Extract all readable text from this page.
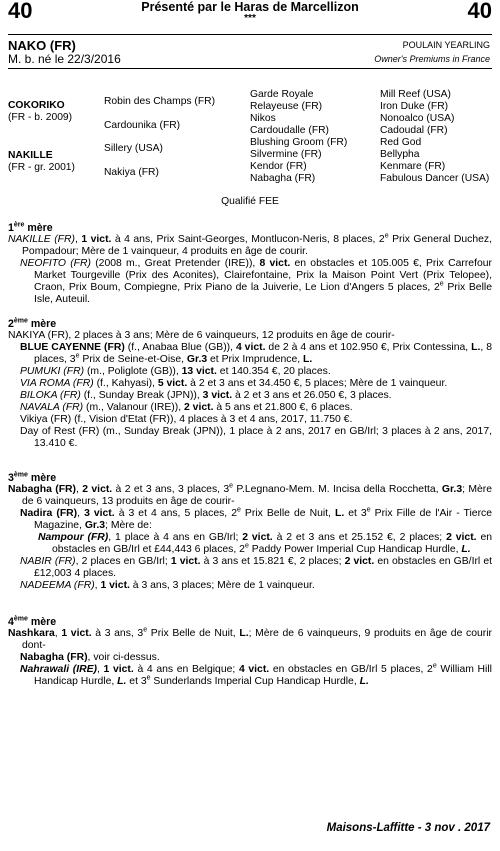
40	Présenté par le Haras de Marcellizon
***	40
NAKO (FR)
M. b. né le 22/3/2016
POULAIN YEARLING
Owner's Premiums in France
COKORIKO
(FR - b. 2009)
NAKILLE
(FR - gr. 2001)
Robin des Champs (FR)
Cardounika (FR)
Sillery (USA)
Nakiya (FR)
Garde Royale
Relayeuse (FR)
Nikos
Cardoudalle (FR)
Blushing Groom (FR)
Silvermine (FR)
Kendor (FR)
Nabagha (FR)
Mill Reef (USA)
Iron Duke (FR)
Nonoalco (USA)
Cadoudal (FR)
Red God
Bellypha
Kenmare (FR)
Fabulous Dancer (USA)
Qualifié FEE
1ère mère
NAKILLE (FR), 1 vict. à 4 ans, Prix Saint-Georges, Montlucon-Neris, 8 places, 2e Prix General Duchez, Pompadour; Mère de 1 vainqueur, 4 produits en âge de courir.
NEOFITO (FR) (2008 m., Great Pretender (IRE)), 8 vict. en obstacles et 105.005 €, Prix Carrefour Market Tourgeville (Prix des Aconites), Clairefontaine, Prix la Maison Point Vert (Prix Telopee), Craon, Prix Boum, Compiegne, Prix Piano de la Juiverie, Le Lion d'Angers 5 places, 2e Prix Belle Isle, Auteuil.
2ème mère
NAKIYA (FR), 2 places à 3 ans; Mère de 6 vainqueurs, 12 produits en âge de courir-
BLUE CAYENNE (FR) (f., Anabaa Blue (GB)), 4 vict. de 2 à 4 ans et 102.950 €, Prix Contessina, L., 8 places, 3e Prix de Seine-et-Oise, Gr.3 et Prix Imprudence, L.
PUMUKI (FR) (m., Poliglote (GB)), 13 vict. et 140.354 €, 20 places.
VIA ROMA (FR) (f., Kahyasi), 5 vict. à 2 et 3 ans et 34.450 €, 5 places; Mère de 1 vainqueur.
BILOKA (FR) (f., Sunday Break (JPN)), 3 vict. à 2 et 3 ans et 26.050 €, 3 places.
NAVALA (FR) (m., Valanour (IRE)), 2 vict. à 5 ans et 21.800 €, 6 places.
Vikiya (FR) (f., Vision d'Etat (FR)), 4 places à 3 et 4 ans, 2017, 11.750 €.
Day of Rest (FR) (m., Sunday Break (JPN)), 1 place à 2 ans, 2017 en GB/Irl; 3 places à 2 ans, 2017, 13.410 €.
3ème mère
Nabagha (FR), 2 vict. à 2 et 3 ans, 3 places, 3e P.Legnano-Mem. M. Incisa della Rocchetta, Gr.3; Mère de 6 vainqueurs, 13 produits en âge de courir-
Nadira (FR), 3 vict. à 3 et 4 ans, 5 places, 2e Prix Belle de Nuit, L. et 3e Prix Fille de l'Air - Tierce Magazine, Gr.3; Mère de:
Nampour (FR), 1 place à 4 ans en GB/Irl; 2 vict. à 2 et 3 ans et 25.152 €, 2 places; 2 vict. en obstacles en GB/Irl et £44,443 6 places, 2e Paddy Power Imperial Cup Handicap Hurdle, L.
NABIR (FR), 2 places en GB/Irl; 1 vict. à 3 ans et 15.821 €, 2 places; 2 vict. en obstacles en GB/Irl et £12,003 4 places.
NADEEMA (FR), 1 vict. à 3 ans, 3 places; Mère de 1 vainqueur.
4ème mère
Nashkara, 1 vict. à 3 ans, 3e Prix Belle de Nuit, L.; Mère de 6 vainqueurs, 9 produits en âge de courir dont-
Nabagha (FR), voir ci-dessus.
Nahrawali (IRE), 1 vict. à 4 ans en Belgique; 4 vict. en obstacles en GB/Irl 5 places, 2e William Hill Handicap Hurdle, L. et 3e Sunderlands Imperial Cup Handicap Hurdle, L.
Maisons-Laffitte - 3 nov . 2017
